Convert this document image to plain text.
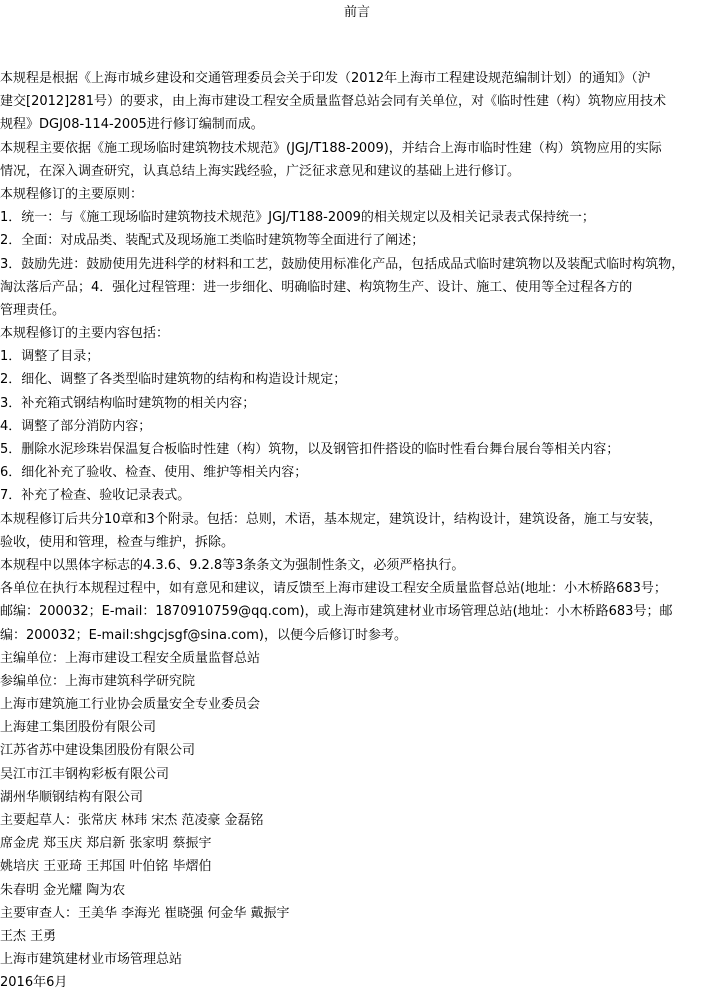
前言
本规程是根据《上海市城乡建设和交通管理委员会关于印发（2012年上海市工程建设规范编制计划）的通知》（沪
建交[2012]281号）的要求，由上海市建设工程安全质量监督总站会同有关单位，对《临时性建（构）筑物应用技术
规程》DGJ08-114-2005进行修订编制而成。
本规程主要依据《施工现场临时建筑物技术规范》(JGJ/T188-2009)，并结合上海市临时性建（构）筑物应用的实际
情况，在深入调查研究，认真总结上海实践经验，广泛征求意见和建议的基础上进行修订。
本规程修订的主要原则：
1．统一：与《施工现场临时建筑物技术规范》JGJ/T188-2009的相关规定以及相关记录表式保持统一；
2．全面：对成品类、装配式及现场施工类临时建筑物等全面进行了阐述；
3．鼓励先进：鼓励使用先进科学的材料和工艺，鼓励使用标准化产品，包括成品式临时建筑物以及装配式临时构筑物，
淘汰落后产品；4．强化过程管理：进一步细化、明确临时建、构筑物生产、设计、施工、使用等全过程各方的
管理责任。
本规程修订的主要内容包括：
1．调整了目录；
2．细化、调整了各类型临时建筑物的结构和构造设计规定；
3．补充箱式钢结构临时建筑物的相关内容；
4．调整了部分消防内容；
5．删除水泥珍珠岩保温复合板临时性建（构）筑物，以及钢管扣件搭设的临时性看台舞台展台等相关内容；
6．细化补充了验收、检查、使用、维护等相关内容；
7．补充了检查、验收记录表式。
本规程修订后共分10章和3个附录。包括：总则，术语，基本规定，建筑设计，结构设计，建筑设备，施工与安装，
验收，使用和管理，检查与维护，拆除。
本规程中以黑体字标志的4.3.6、9.2.8等3条条文为强制性条文，必须严格执行。
各单位在执行本规程过程中，如有意见和建议，请反馈至上海市建设工程安全质量监督总站(地址：小木桥路683号；
邮编：200032；E-mail：1870910759@qq.com)，或上海市建筑建材业市场管理总站(地址：小木桥路683号；邮
编：200032；E-mail:shgcjsgf@sina.com)，以便今后修订时参考。
主编单位：上海市建设工程安全质量监督总站
参编单位：上海市建筑科学研究院
上海市建筑施工行业协会质量安全专业委员会
上海建工集团股份有限公司
江苏省苏中建设集团股份有限公司
吴江市江丰钢构彩板有限公司
湖州华顺钢结构有限公司
主要起草人：张常庆 林玮 宋杰 范凌豪 金磊铭
席金虎 郑玉庆 郑启新 张家明 蔡振宇
姚培庆 王亚琦 王邦国 叶伯铭 毕熠伯
朱春明 金光耀 陶为农
主要审查人：王美华 李海光 崔晓强 何金华 戴振宇
王杰 王勇
上海市建筑建材业市场管理总站
2016年6月
